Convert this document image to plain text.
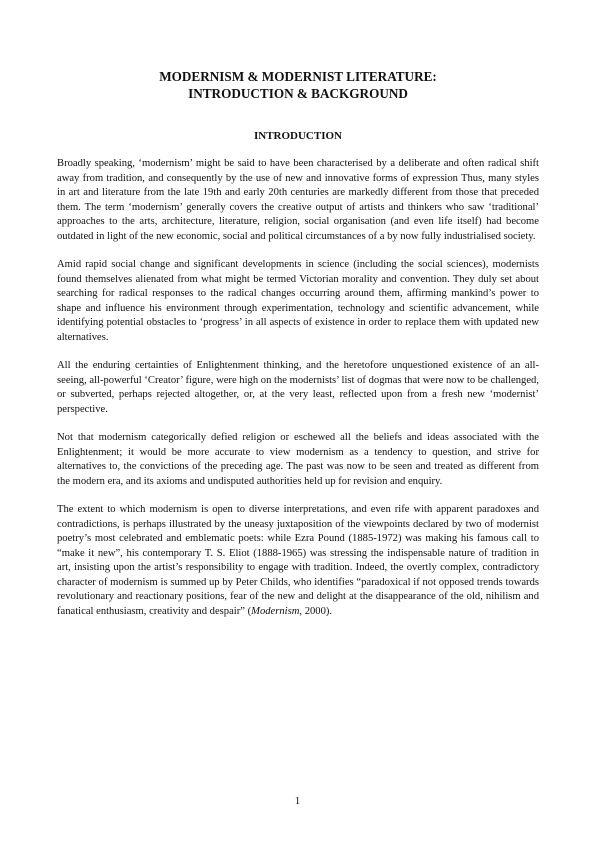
MODERNISM & MODERNIST LITERATURE:
INTRODUCTION & BACKGROUND
INTRODUCTION

Broadly speaking, ‘modernism’ might be said to have been characterised by a deliberate and often radical shift away from tradition, and consequently by the use of new and innovative forms of expression Thus, many styles in art and literature from the late 19th and early 20th centuries are markedly different from those that preceded them. The term ‘modernism’ generally covers the creative output of artists and thinkers who saw ‘traditional’ approaches to the arts, architecture, literature, religion, social organisation (and even life itself) had become outdated in light of the new economic, social and political circumstances of a by now fully industrialised society.

Amid rapid social change and significant developments in science (including the social sciences), modernists found themselves alienated from what might be termed Victorian morality and convention. They duly set about searching for radical responses to the radical changes occurring around them, affirming mankind’s power to shape and influence his environment through experimentation, technology and scientific advancement, while identifying potential obstacles to ‘progress’ in all aspects of existence in order to replace them with updated new alternatives.

All the enduring certainties of Enlightenment thinking, and the heretofore unquestioned existence of an all-seeing, all-powerful ‘Creator’ figure, were high on the modernists’ list of dogmas that were now to be challenged, or subverted, perhaps rejected altogether, or, at the very least, reflected upon from a fresh new ‘modernist’ perspective.

Not that modernism categorically defied religion or eschewed all the beliefs and ideas associated with the Enlightenment; it would be more accurate to view modernism as a tendency to question, and strive for alternatives to, the convictions of the preceding age. The past was now to be seen and treated as different from the modern era, and its axioms and undisputed authorities held up for revision and enquiry.

The extent to which modernism is open to diverse interpretations, and even rife with apparent paradoxes and contradictions, is perhaps illustrated by the uneasy juxtaposition of the viewpoints declared by two of modernist poetry’s most celebrated and emblematic poets: while Ezra Pound (1885-1972) was making his famous call to “make it new”, his contemporary T. S. Eliot (1888-1965) was stressing the indispensable nature of tradition in art, insisting upon the artist’s responsibility to engage with tradition. Indeed, the overtly complex, contradictory character of modernism is summed up by Peter Childs, who identifies “paradoxical if not opposed trends towards revolutionary and reactionary positions, fear of the new and delight at the disappearance of the old, nihilism and fanatical enthusiasm, creativity and despair” (Modernism, 2000).

1
